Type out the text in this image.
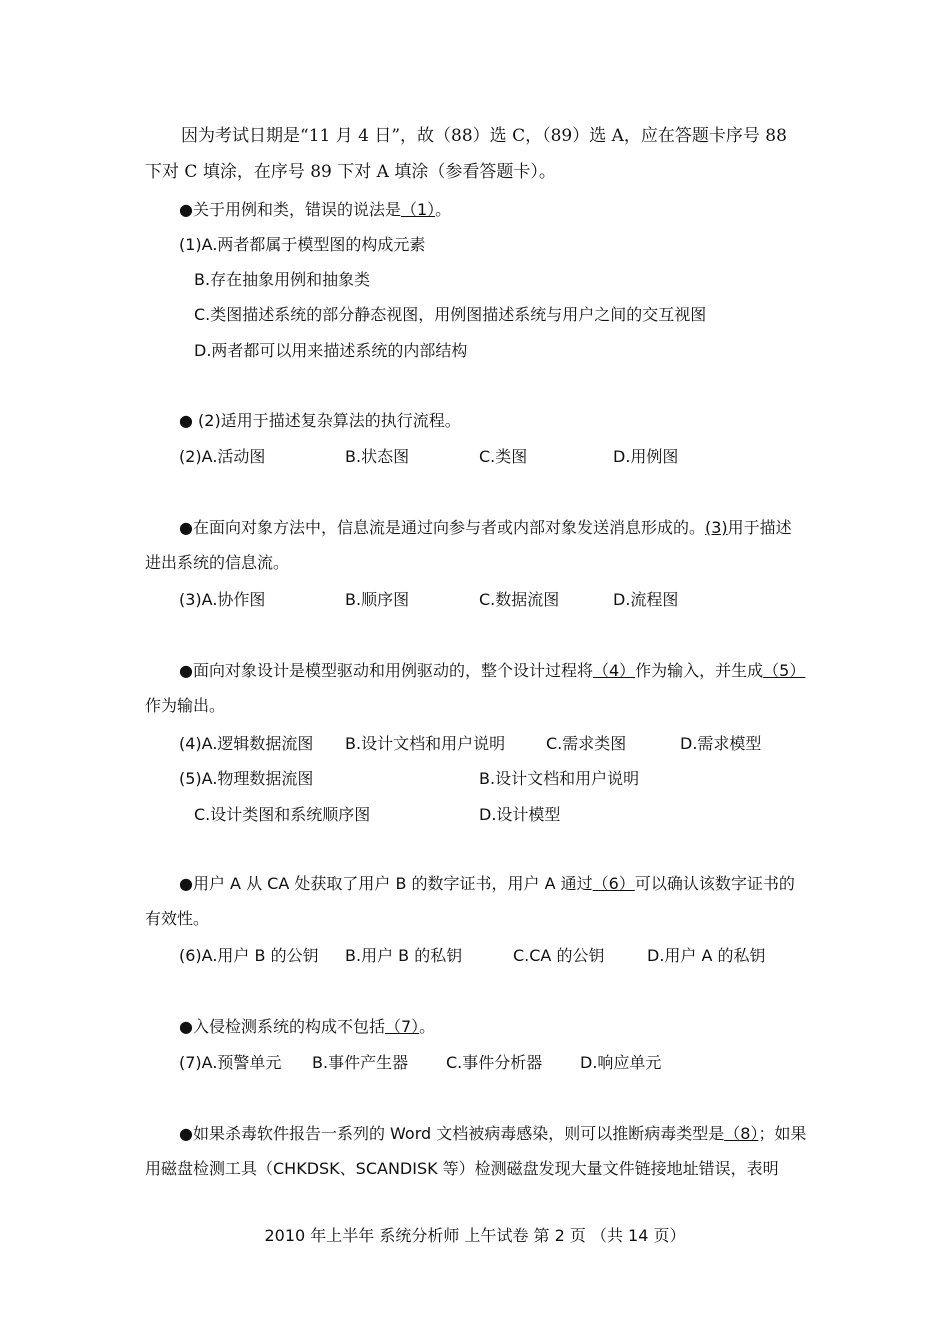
因为考试日期是“11 月 4 日”，故（88）选 C，（89）选 A，应在答题卡序号 88 下对 C 填涂，在序号 89 下对 A 填涂（参看答题卡）。
●关于用例和类，错误的说法是（1）。
(1)A.两者都属于模型图的构成元素
B.存在抽象用例和抽象类
C.类图描述系统的部分静态视图，用例图描述系统与用户之间的交互视图
D.两者都可以用来描述系统的内部结构
● (2)适用于描述复杂算法的执行流程。
(2)A.活动图	B.状态图	C.类图	D.用例图
●在面向对象方法中，信息流是通过向参与者或内部对象发送消息形成的。(3)用于描述进出系统的信息流。
(3)A.协作图	B.顺序图	C.数据流图	D.流程图
●面向对象设计是模型驱动和用例驱动的，整个设计过程将（4）作为输入，并生成（5）作为输出。
(4)A.逻辑数据流图 B.设计文档和用户说明	C.需求类图	D.需求模型
(5)A.物理数据流图	B.设计文档和用户说明
C.设计类图和系统顺序图	D.设计模型
●用户 A 从 CA 处获取了用户 B 的数字证书，用户 A 通过（6）可以确认该数字证书的有效性。
(6)A.用户 B 的公钥 B.用户 B 的私钥	C.CA 的公钥	D.用户 A 的私钥
●入侵检测系统的构成不包括（7）。
(7)A.预警单元 B.事件产生器 C.事件分析器 D.响应单元
●如果杀毒软件报告一系列的 Word 文档被病毒感染，则可以推断病毒类型是（8）；如果用磁盘检测工具（CHKDSK、SCANDISK 等）检测磁盘发现大量文件链接地址错误，表明
2010 年上半年 系统分析师 上午试卷 第 2 页 （共 14 页）
